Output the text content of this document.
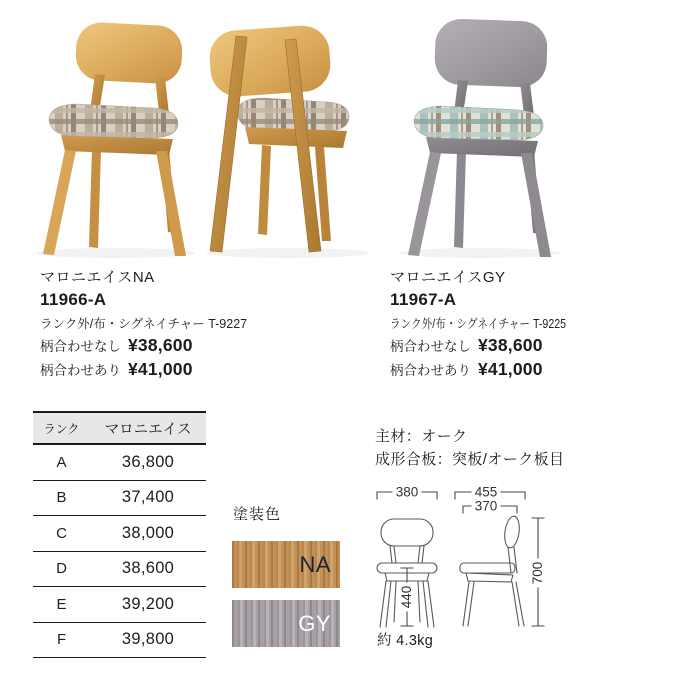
マロニエイスNA
11966-A
ランク外/布・シグネイチャー T-9227
柄合わせなし ¥38,600
柄合わせあり ¥41,000
マロニエイスGY
11967-A
ランク外/布・シグネイチャー T-9225
柄合わせなし ¥38,600
柄合わせあり ¥41,000
ランク	マロニエイス
A	36,800
B	37,400
C	38,000
D	38,600
E	39,200
F	39,800
塗装色
NA
GY
主材：オーク
成形合板：突板/オーク板目
380	455
370
440
700
約 4.3kg
